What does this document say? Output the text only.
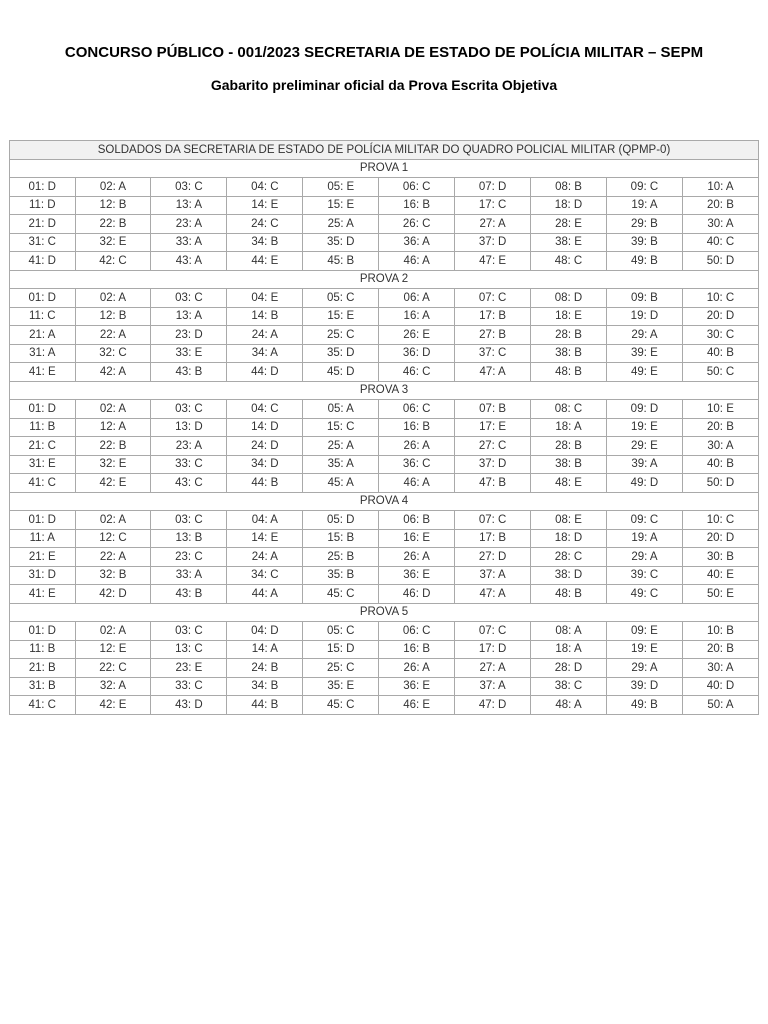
CONCURSO PÚBLICO - 001/2023 SECRETARIA DE ESTADO DE POLÍCIA MILITAR – SEPM
Gabarito preliminar oficial da Prova Escrita Objetiva
SOLDADOS DA SECRETARIA DE ESTADO DE POLÍCIA MILITAR DO QUADRO POLICIAL MILITAR (QPMP-0)									
PROVA 1									
01: D	02: A	03: C	04: C	05: E	06: C	07: D	08: B	09: C	10: A
11: D	12: B	13: A	14: E	15: E	16: B	17: C	18: D	19: A	20: B
21: D	22: B	23: A	24: C	25: A	26: C	27: A	28: E	29: B	30: A
31: C	32: E	33: A	34: B	35: D	36: A	37: D	38: E	39: B	40: C
41: D	42: C	43: A	44: E	45: B	46: A	47: E	48: C	49: B	50: D
PROVA 2									
01: D	02: A	03: C	04: E	05: C	06: A	07: C	08: D	09: B	10: C
11: C	12: B	13: A	14: B	15: E	16: A	17: B	18: E	19: D	20: D
21: A	22: A	23: D	24: A	25: C	26: E	27: B	28: B	29: A	30: C
31: A	32: C	33: E	34: A	35: D	36: D	37: C	38: B	39: E	40: B
41: E	42: A	43: B	44: D	45: D	46: C	47: A	48: B	49: E	50: C
PROVA 3									
01: D	02: A	03: C	04: C	05: A	06: C	07: B	08: C	09: D	10: E
11: B	12: A	13: D	14: D	15: C	16: B	17: E	18: A	19: E	20: B
21: C	22: B	23: A	24: D	25: A	26: A	27: C	28: B	29: E	30: A
31: E	32: E	33: C	34: D	35: A	36: C	37: D	38: B	39: A	40: B
41: C	42: E	43: C	44: B	45: A	46: A	47: B	48: E	49: D	50: D
PROVA 4									
01: D	02: A	03: C	04: A	05: D	06: B	07: C	08: E	09: C	10: C
11: A	12: C	13: B	14: E	15: B	16: E	17: B	18: D	19: A	20: D
21: E	22: A	23: C	24: A	25: B	26: A	27: D	28: C	29: A	30: B
31: D	32: B	33: A	34: C	35: B	36: E	37: A	38: D	39: C	40: E
41: E	42: D	43: B	44: A	45: C	46: D	47: A	48: B	49: C	50: E
PROVA 5									
01: D	02: A	03: C	04: D	05: C	06: C	07: C	08: A	09: E	10: B
11: B	12: E	13: C	14: A	15: D	16: B	17: D	18: A	19: E	20: B
21: B	22: C	23: E	24: B	25: C	26: A	27: A	28: D	29: A	30: A
31: B	32: A	33: C	34: B	35: E	36: E	37: A	38: C	39: D	40: D
41: C	42: E	43: D	44: B	45: C	46: E	47: D	48: A	49: B	50: A
